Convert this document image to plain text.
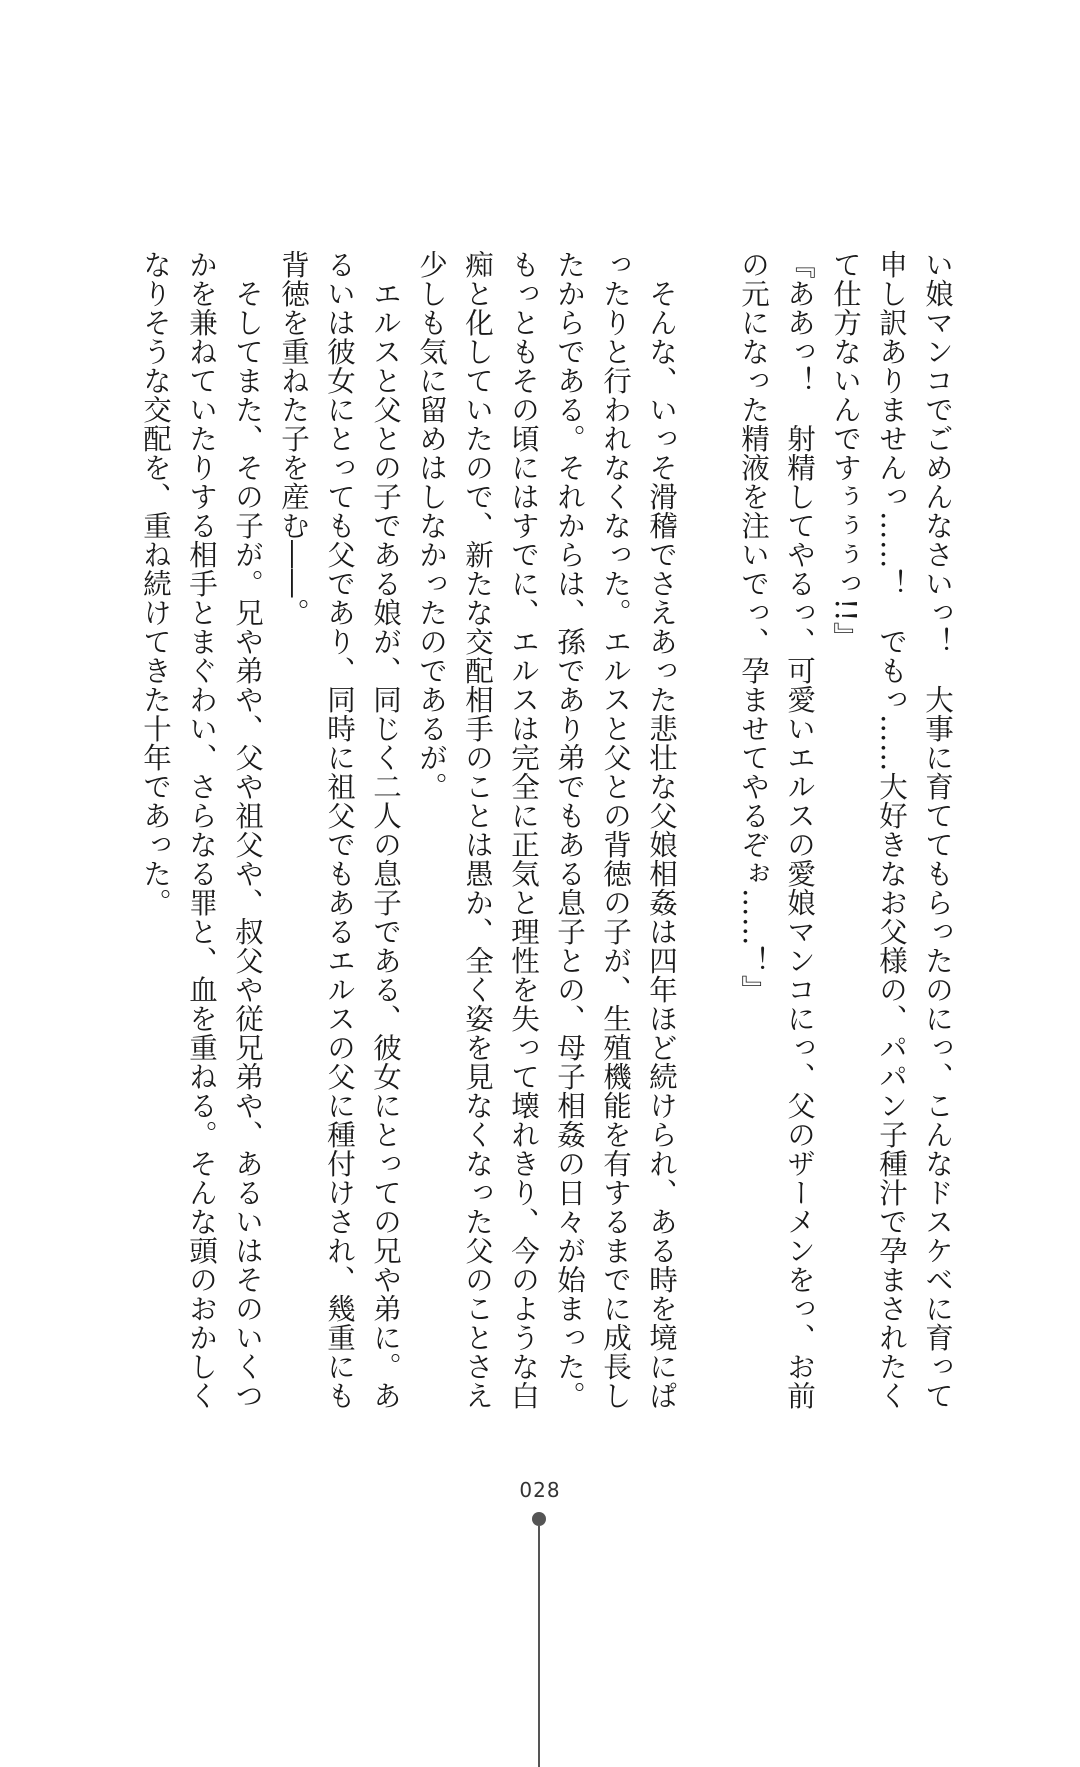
い娘マンコでごめんなさいっ！　大事に育ててもらったのにっ、こんなドスケベに育って
申し訳ありませんっ……！　でもっ……大好きなお父様の、パパン子種汁で孕まされたく
て仕方ないんですぅぅぅっ!!』
『ああっ！　射精してやるっ、可愛いエルスの愛娘マンコにっ、父のザーメンをっ、お前
の元になった精液を注いでっ、孕ませてやるぞぉ……！』
　そんな、いっそ滑稽でさえあった悲壮な父娘相姦は四年ほど続けられ、ある時を境にぱ
ったりと行われなくなった。エルスと父との背徳の子が、生殖機能を有するまでに成長し
たからである。それからは、孫であり弟でもある息子との、母子相姦の日々が始まった。
もっともその頃にはすでに、エルスは完全に正気と理性を失って壊れきり、今のような白
痴と化していたので、新たな交配相手のことは愚か、全く姿を見なくなった父のことさえ
少しも気に留めはしなかったのであるが。
　エルスと父との子である娘が、同じく二人の息子である、彼女にとっての兄や弟に。あ
るいは彼女にとっても父であり、同時に祖父でもあるエルスの父に種付けされ、幾重にも
背徳を重ねた子を産む――。
　そしてまた、その子が。兄や弟や、父や祖父や、叔父や従兄弟や、あるいはそのいくつ
かを兼ねていたりする相手とまぐわい、さらなる罪と、血を重ねる。そんな頭のおかしく
なりそうな交配を、重ね続けてきた十年であった。
028
